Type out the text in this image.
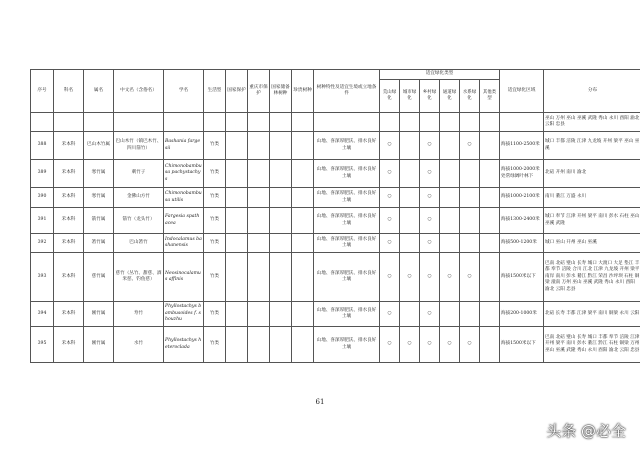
序号	科名	属名	中文名（含俗名）	学名	生活型	国家保护	重庆市保护	国家储备林树种	珍贵树种	树种特性及适宜生境或立地条件	适宜绿化类型						适宜绿化区域	分布
											荒山绿化	城市绿化	乡村绿化	通道绿化	水系绿化	其他类型		
																		巫山 万州 巫山 巫溪 武隆 秀山 永川 酉阳 渝北 云阳 忠县
388	禾本科	巴山木竹属	巴山木竹（镇巴木竹、四川箭竹）	Bashania fargesii	竹类					山地、喜深厚肥沃、排水良好土壤	○		○		○		海拔1100-2500米	城口 丰都 涪陵 江津 九龙坡 开州 梁平 巫山 巫溪
389	禾本科	寒竹属	刺竹子	Chimonobambusa pachystachys	竹类					山地、喜深厚肥沃、排水良好土壤	○		○				海拔1000-2000米处常绿阔叶林下	北碚 开州 南川 渝北
390	禾本科	寒竹属	金佛山方竹	Chimonobambusa utilis	竹类					山地、喜深厚肥沃、排水良好土壤	○		○				海拔1000-2100米	南川 綦江 万盛 永川
391	禾本科	箭竹属	箭竹（龙头竹）	Fargesia spathacea	竹类					山地、喜深厚肥沃、排水良好土壤	○		○				海拔1300-2400米	城口 奉节 江津 开州 梁平 南川 彭水 石柱 巫山 巫溪 武隆
392	禾本科	箬竹属	巴山箬竹	Indocalamus bashanensis	竹类					山地、喜深厚肥沃、排水良好土壤	○		○				海拔500-1200米	城口 巫山 开州 巫山 巫溪
393	禾本科	慈竹属	慈竹（丛竹、甜慈、酒米慈、钓鱼慈）	Neosinocalamus affinis	竹类					山地、喜深厚肥沃、排水良好土壤	○	○	○	○	○		海拔1500米以下	巴南 北碚 璧山 长寿 城口 大渡口 大足 垫江 丰都 奉节 涪陵 合川 江北 江津 九龙坡 开州 梁平 南岸 南川 彭水 綦江 黔江 荣昌 沙坪坝 石柱 铜梁 潼南 万州 巫山 巫溪 武隆 秀山 永川 酉阳 渝北 云阳 忠县
394	禾本科	刚竹属	寿竹	Phyllostachys bambusoides f. shouzhu	竹类					山地、喜深厚肥沃、排水良好土壤	○		○				海拔200-1000米	北碚 长寿 丰都 江津 梁平 南川 铜梁 永川 云阳
395	禾本科	刚竹属	水竹	Phyllostachys heteroclada	竹类					山地、喜深厚肥沃、排水良好土壤	○	○	○	○	○		海拔1500米以下	巴南 北碚 璧山 长寿 城口 丰都 奉节 涪陵 江津 开州 梁平 南川 彭水 綦江 黔江 石柱 铜梁 万州 巫山 巫溪 武隆 秀山 永川 酉阳 渝北 云阳 忠县
61
头条 @必全
